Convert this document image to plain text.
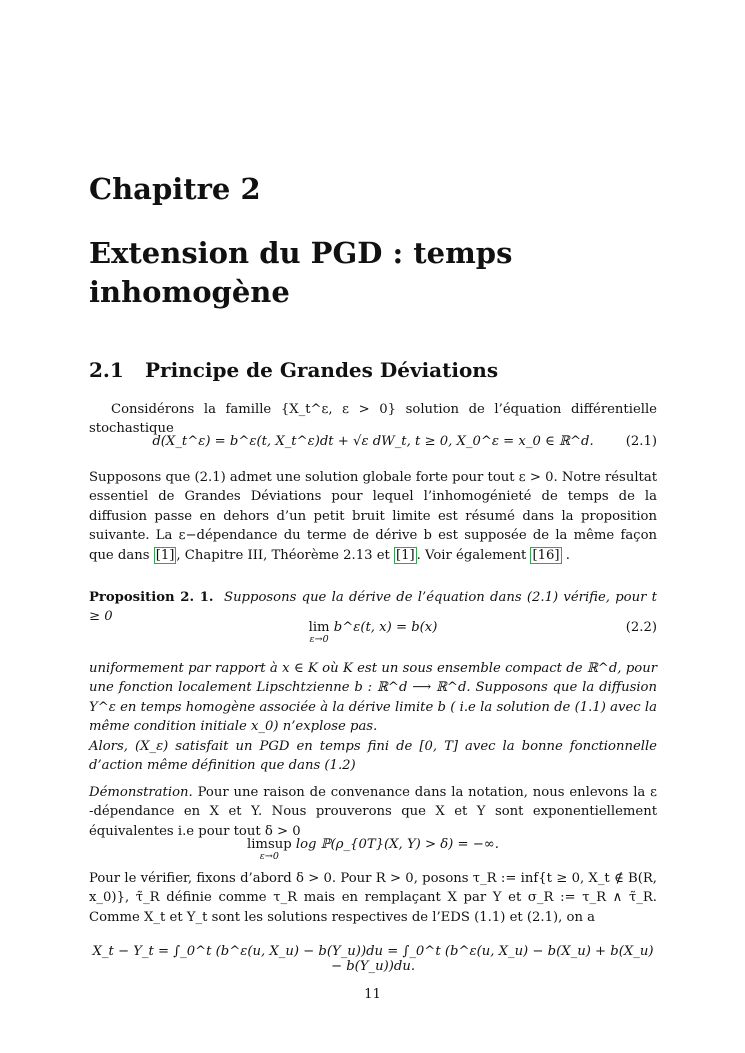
Chapitre 2
Extension du PGD : temps inhomogène
2.1 Principe de Grandes Déviations
Considérons la famille {X_t^ε, ε > 0} solution de l’équation différentielle stochastique
d(X_t^ε) = b^ε(t, X_t^ε)dt + √ε dW_t, t ≥ 0, X_0^ε = x_0 ∈ ℝ^d.	(2.1)
Supposons que (2.1) admet une solution globale forte pour tout ε > 0. Notre résultat essentiel de Grandes Déviations pour lequel l’inhomogénieté de temps de la diffusion passe en dehors d’un petit bruit limite est résumé dans la proposition suivante. La ε−dépendance du terme de dérive b est supposée de la même façon que dans [1] , Chapitre III, Théorème 2.13 et [1] . Voir également [16] .
Proposition 2. 1. Supposons que la dérive de l’équation dans (2.1) vérifie, pour t ≥ 0
lim
ε→0
b^ε(t, x) = b(x)	(2.2)
uniformement par rapport à x ∈ K où K est un sous ensemble compact de ℝ^d, pour une fonction localement Lipschtzienne b : ℝ^d ⟶ ℝ^d. Supposons que la diffusion Y^ε en temps homogène associée à la dérive limite b ( i.e la solution de (1.1) avec la même condition initiale x_0) n’explose pas.
Alors, (X_ε) satisfait un PGD en temps fini de [0, T] avec la bonne fonctionnelle d’action même définition que dans (1.2)
Démonstration. Pour une raison de convenance dans la notation, nous enlevons la ε -dépendance en X et Y. Nous prouverons que X et Y sont exponentiellement équivalentes i.e pour tout δ > 0
limsup
ε→0
log ℙ(ρ_{0T}(X, Y) > δ) = −∞.
Pour le vérifier, fixons d’abord δ > 0. Pour R > 0, posons τ_R := inf{t ≥ 0, X_t ∉ B(R, x_0)}, τ̃_R définie comme τ_R mais en remplaçant X par Y et σ_R := τ_R ∧ τ̃_R. Comme X_t et Y_t sont les solutions respectives de l’EDS (1.1) et (2.1), on a
X_t − Y_t = ∫_0^t (b^ε(u, X_u) − b(Y_u))du = ∫_0^t (b^ε(u, X_u) − b(X_u) + b(X_u) − b(Y_u))du.
11
